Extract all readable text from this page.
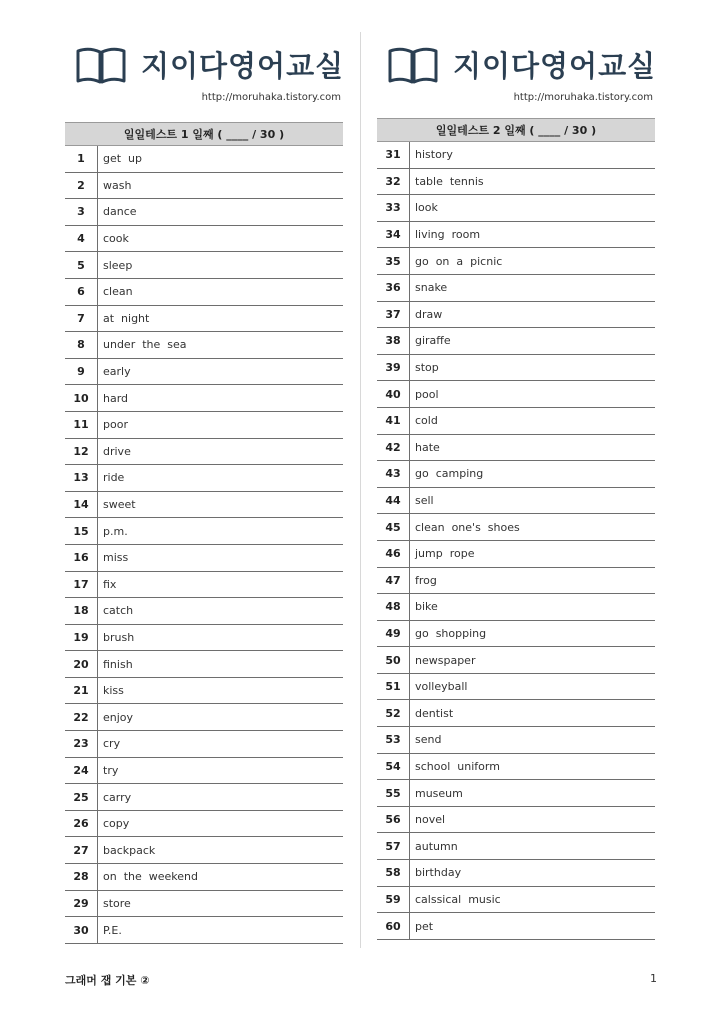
지이다영어교실
http://moruhaka.tistory.com
일일테스트 1 일째 ( ____ / 30 )
1	get  up
2	wash
3	dance
4	cook
5	sleep
6	clean
7	at  night
8	under  the  sea
9	early
10	hard
11	poor
12	drive
13	ride
14	sweet
15	p.m.
16	miss
17	fix
18	catch
19	brush
20	finish
21	kiss
22	enjoy
23	cry
24	try
25	carry
26	copy
27	backpack
28	on  the  weekend
29	store
30	P.E.
지이다영어교실
http://moruhaka.tistory.com
일일테스트 2 일째 ( ____ / 30 )
31	history
32	table  tennis
33	look
34	living  room
35	go  on  a  picnic
36	snake
37	draw
38	giraffe
39	stop
40	pool
41	cold
42	hate
43	go  camping
44	sell
45	clean  one's  shoes
46	jump  rope
47	frog
48	bike
49	go  shopping
50	newspaper
51	volleyball
52	dentist
53	send
54	school  uniform
55	museum
56	novel
57	autumn
58	birthday
59	calssical  music
60	pet
그래머 잽 기본 ②	1
